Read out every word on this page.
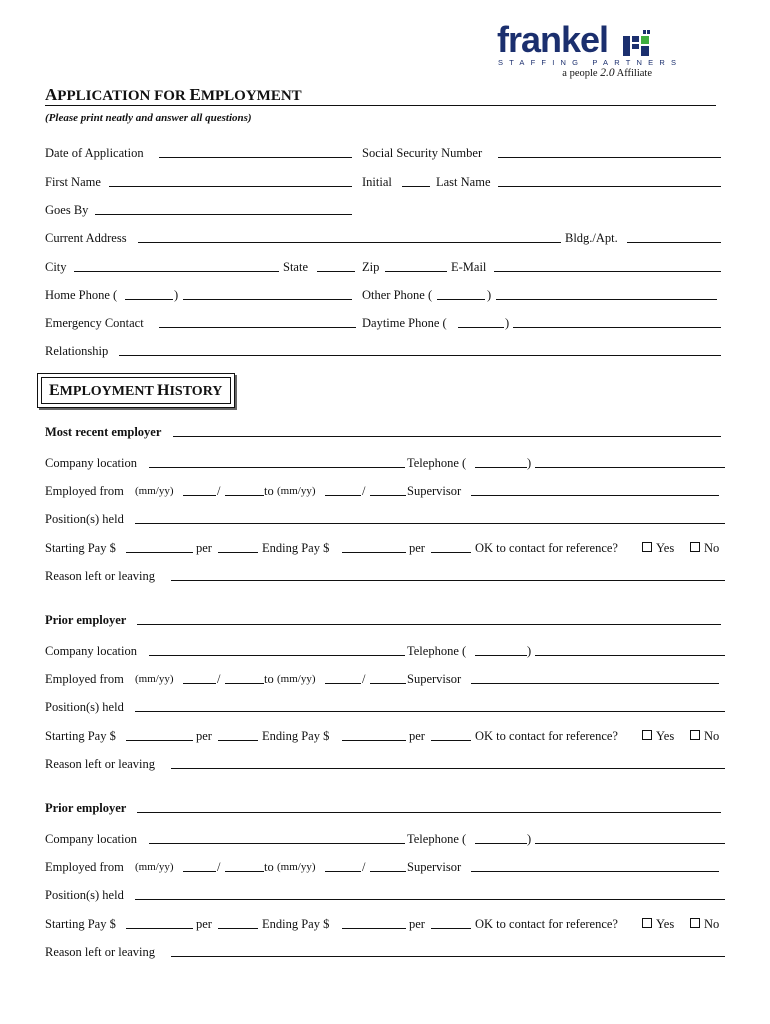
frankel
STAFFING PARTNERS
a people 2.0 Affiliate
APPLICATION FOR EMPLOYMENT
(Please print neatly and answer all questions)
Date of Application	Social Security Number
First Name	Initial	Last Name
Goes By
Current Address	Bldg./Apt.
City	State	Zip	E-Mail
Home Phone (	)	Other Phone (	)
Emergency Contact	Daytime Phone (	)
Relationship
EMPLOYMENT HISTORY
Most recent employer
Company location	Telephone (	)
Employed from (mm/yy)	/	to (mm/yy)	/	Supervisor
Position(s) held
Starting Pay $	per	Ending Pay $	per	OK to contact for reference?	Yes	No
Reason left or leaving
Prior employer
Company location	Telephone (	)
Employed from (mm/yy)	/	to (mm/yy)	/	Supervisor
Position(s) held
Starting Pay $	per	Ending Pay $	per	OK to contact for reference?	Yes	No
Reason left or leaving
Prior employer
Company location	Telephone (	)
Employed from (mm/yy)	/	to (mm/yy)	/	Supervisor
Position(s) held
Starting Pay $	per	Ending Pay $	per	OK to contact for reference?	Yes	No
Reason left or leaving
